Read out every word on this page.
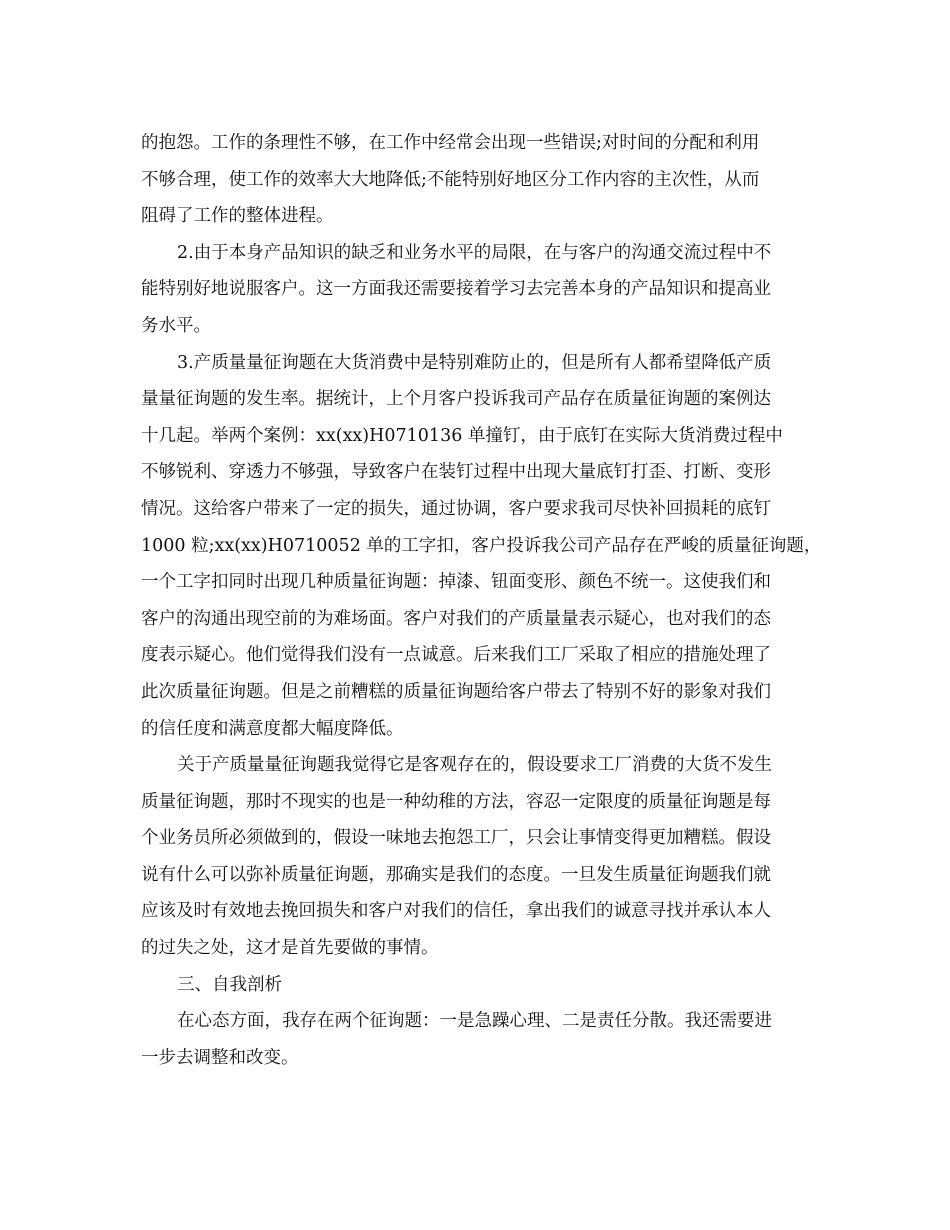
的抱怨。工作的条理性不够，在工作中经常会出现一些错误;对时间的分配和利用
不够合理，使工作的效率大大地降低;不能特别好地区分工作内容的主次性，从而
阻碍了工作的整体进程。
2.由于本身产品知识的缺乏和业务水平的局限，在与客户的沟通交流过程中不
能特别好地说服客户。这一方面我还需要接着学习去完善本身的产品知识和提高业
务水平。
3.产质量量征询题在大货消费中是特别难防止的，但是所有人都希望降低产质
量量征询题的发生率。据统计，上个月客户投诉我司产品存在质量征询题的案例达
十几起。举两个案例：xx(xx)H0710136 单撞钉，由于底钉在实际大货消费过程中
不够锐利、穿透力不够强，导致客户在装钉过程中出现大量底钉打歪、打断、变形
情况。这给客户带来了一定的损失，通过协调，客户要求我司尽快补回损耗的底钉
1000 粒;xx(xx)H0710052 单的工字扣，客户投诉我公司产品存在严峻的质量征询题，
一个工字扣同时出现几种质量征询题：掉漆、钮面变形、颜色不统一。这使我们和
客户的沟通出现空前的为难场面。客户对我们的产质量量表示疑心，也对我们的态
度表示疑心。他们觉得我们没有一点诚意。后来我们工厂采取了相应的措施处理了
此次质量征询题。但是之前糟糕的质量征询题给客户带去了特别不好的影象对我们
的信任度和满意度都大幅度降低。
关于产质量量征询题我觉得它是客观存在的，假设要求工厂消费的大货不发生
质量征询题，那时不现实的也是一种幼稚的方法，容忍一定限度的质量征询题是每
个业务员所必须做到的，假设一味地去抱怨工厂，只会让事情变得更加糟糕。假设
说有什么可以弥补质量征询题，那确实是我们的态度。一旦发生质量征询题我们就
应该及时有效地去挽回损失和客户对我们的信任，拿出我们的诚意寻找并承认本人
的过失之处，这才是首先要做的事情。
三、自我剖析
在心态方面，我存在两个征询题：一是急躁心理、二是责任分散。我还需要进
一步去调整和改变。
